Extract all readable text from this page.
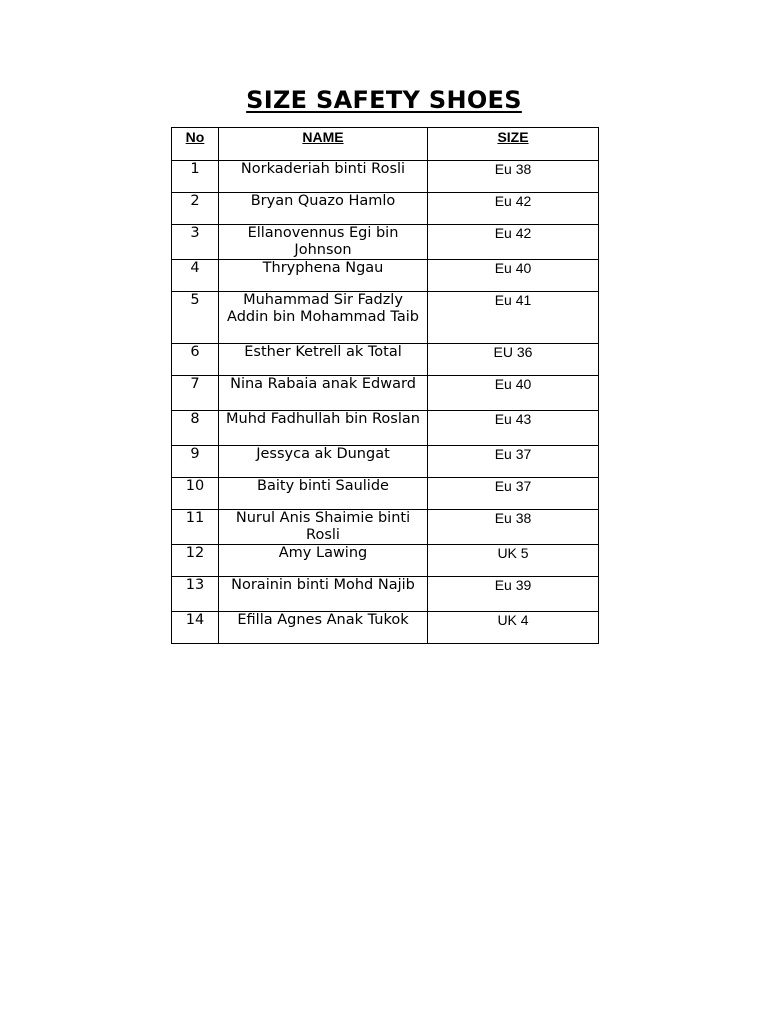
SIZE SAFETY SHOES
No	NAME	SIZE
1	Norkaderiah binti Rosli	Eu 38
2	Bryan Quazo Hamlo	Eu 42
3	Ellanovennus Egi bin Johnson	Eu 42
4	Thryphena Ngau	Eu 40
5	Muhammad Sir Fadzly Addin bin Mohammad Taib	Eu 41
6	Esther Ketrell ak Total	EU 36
7	Nina Rabaia anak Edward	Eu 40
8	Muhd Fadhullah bin Roslan	Eu 43
9	Jessyca ak Dungat	Eu 37
10	Baity binti Saulide	Eu 37
11	Nurul Anis Shaimie binti Rosli	Eu 38
12	Amy Lawing	UK 5
13	Norainin binti Mohd Najib	Eu 39
14	Efilla Agnes Anak Tukok	UK 4
